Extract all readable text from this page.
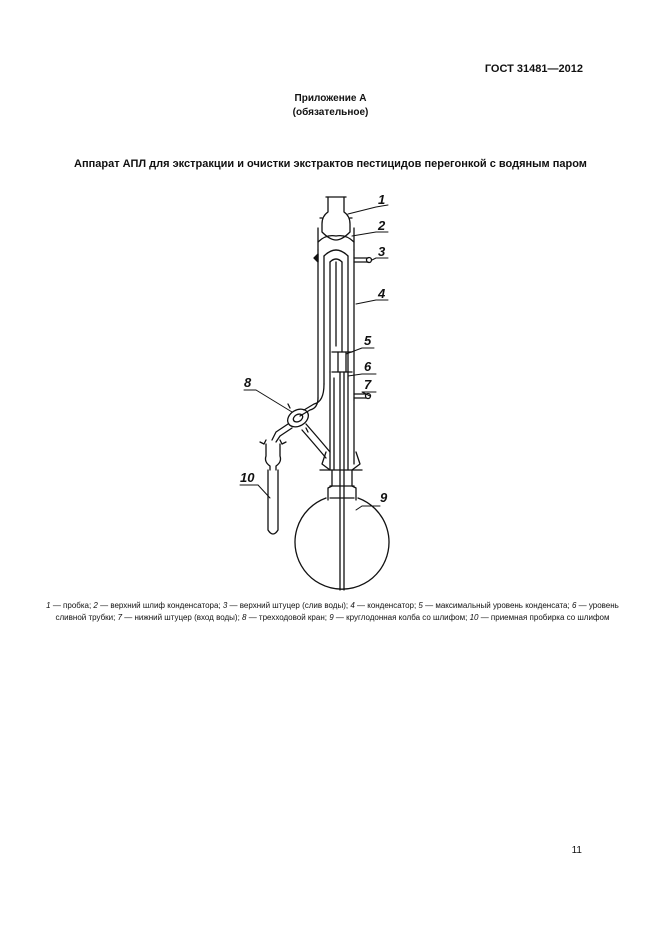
ГОСТ 31481—2012
Приложение А
(обязательное)
Аппарат АПЛ для экстракции и очистки экстрактов пестицидов перегонкой с водяным паром
1
2
3
4
5
6
7
8
9
10
1 — пробка; 2 — верхний шлиф конденсатора; 3 — верхний штуцер (слив воды); 4 — конденсатор; 5 — максимальный уровень конденсата; 6 — уровень сливной трубки; 7 — нижний штуцер (вход воды); 8 — трехходовой кран; 9 — круглодонная колба со шлифом; 10 — приемная пробирка со шлифом
11
